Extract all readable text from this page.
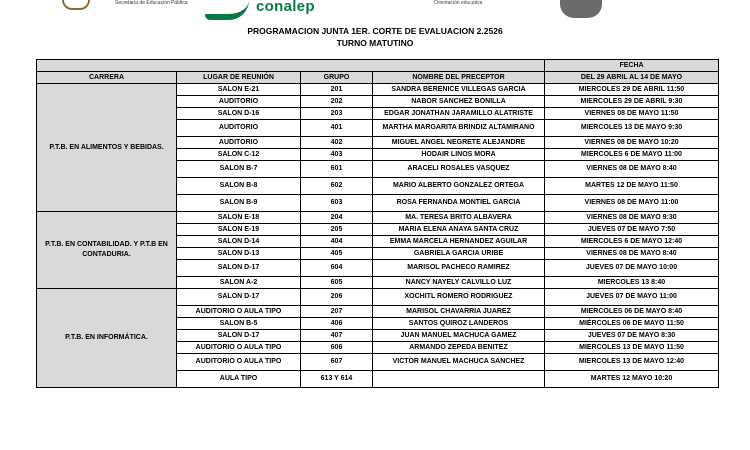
Secretaría de Educación Pública	conalep	Orientación educativa
PROGRAMACION JUNTA 1ER. CORTE DE EVALUACION 2.2526
TURNO MATUTINO
				FECHA
CARRERA	LUGAR DE REUNIÓN	GRUPO	NOMBRE DEL PRECEPTOR	DEL 29 ABRIL AL 14 DE MAYO
P.T.B. EN ALIMENTOS Y BEBIDAS.	SALON E-21	201	SANDRA BERENICE VILLEGAS GARCIA	MIERCOLES 29 DE ABRIL 11:50
	AUDITORIO	202	NABOR SANCHEZ BONILLA	MIERCOLES 29 DE ABRIL 9:30
	SALON D-16	203	EDGAR JONATHAN JARAMILLO ALATRISTE	VIERNES 08 DE MAYO 11:50
	AUDITORIO	401	MARTHA MARGARITA BRINDIZ ALTAMIRANO	MIERCOLES 13 DE MAYO 9:30
	AUDITORIO	402	MIGUEL ANGEL NEGRETE ALEJANDRE	VIERNES 08 DE MAYO 10:20
	SALON C-12	403	HODAIR LINOS MORA	MIERCOLES 6 DE MAYO 11:00
	SALON B-7	601	ARACELI ROSALES VASQUEZ	VIERNES 08 DE MAYO 8:40
	SALON B-8	602	MARIO ALBERTO GONZALEZ ORTEGA	MARTES 12 DE MAYO 11:50
	SALON B-9	603	ROSA FERNANDA MONTIEL GARCIA	VIERNES 08 DE MAYO 11:00
P.T.B. EN CONTABILIDAD. Y P.T.B EN CONTADURIA.	SALON E-18	204	MA. TERESA BRITO ALBAVERA	VIERNES 08 DE MAYO 9:30
	SALON E-19	205	MARIA ELENA ANAYA SANTA CRUZ	JUEVES 07 DE MAYO 7:50
	SALON D-14	404	EMMA MARCELA HERNANDEZ AGUILAR	MIERCOLES 6 DE MAYO 12:40
	SALON D-13	405	GABRIELA GARCIA URIBE	VIERNES 08 DE MAYO 8:40
	SALON D-17	604	MARISOL PACHECO RAMIREZ	JUEVES 07 DE MAYO 10:00
	SALON A-2	605	NANCY NAYELY CALVILLO LUZ	MIERCOLES 13 8:40
P.T.B. EN INFORMÁTICA.	SALON D-17	206	XOCHITL ROMERO RODRIGUEZ	JUEVES 07 DE MAYO 11:00
	AUDITORIO O AULA TIPO	207	MARISOL CHAVARRIA JUAREZ	MIERCOLES 06 DE MAYO 8:40
	SALON B-5	406	SANTOS QUIROZ LANDEROS	MIÉRCOLES 06 DE MAYO 11:50
	SALON D-17	407	JUAN MANUEL MACHUCA GAMEZ	JUEVES 07 DE MAYO 8:30
	AUDITORIO O AULA TIPO	606	ARMANDO ZEPEDA BENITEZ	MIERCOLES 13 DE MAYO 11:50
	AUDITORIO O AULA TIPO	607	VICTOR MANUEL MACHUCA SANCHEZ	MIERCOLES 13 DE MAYO 12:40
	AULA TIPO	613 Y 614		MARTES 12 MAYO 10:20
